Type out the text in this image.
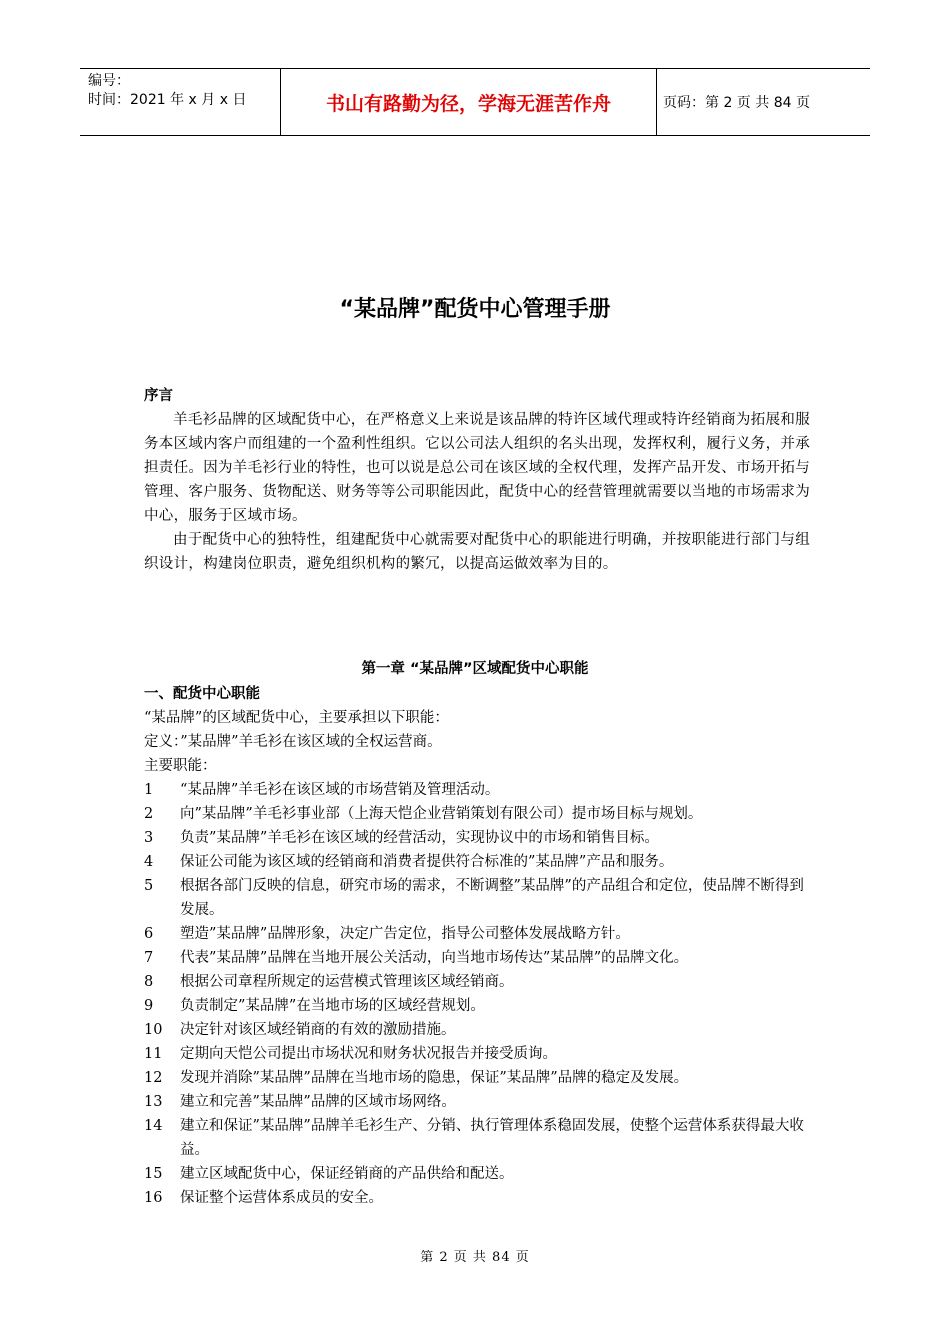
编号：
时间：2021 年 x 月 x 日	书山有路勤为径，学海无涯苦作舟	页码：第 2 页 共 84 页
“某品牌”配货中心管理手册
序言

羊毛衫品牌的区域配货中心，在严格意义上来说是该品牌的特许区域代理或特许经销商为拓展和服务本区域内客户而组建的一个盈利性组织。它以公司法人组织的名头出现，发挥权利，履行义务，并承担责任。因为羊毛衫行业的特性，也可以说是总公司在该区域的全权代理，发挥产品开发、市场开拓与管理、客户服务、货物配送、财务等等公司职能因此，配货中心的经营管理就需要以当地的市场需求为中心，服务于区域市场。

由于配货中心的独特性，组建配货中心就需要对配货中心的职能进行明确，并按职能进行部门与组织设计，构建岗位职责，避免组织机构的繁冗，以提高运做效率为目的。

第一章 “某品牌”区域配货中心职能
一、配货中心职能

“某品牌”的区域配货中心，主要承担以下职能：

定义：”某品牌”羊毛衫在该区域的全权运营商。

主要职能：

1	“某品牌”羊毛衫在该区域的市场营销及管理活动。
2	向”某品牌”羊毛衫事业部（上海天恺企业营销策划有限公司）提市场目标与规划。
3	负责”某品牌”羊毛衫在该区域的经营活动，实现协议中的市场和销售目标。
4	保证公司能为该区域的经销商和消费者提供符合标准的”某品牌”产品和服务。
5	根据各部门反映的信息，研究市场的需求，不断调整”某品牌”的产品组合和定位，使品牌不断得到发展。
6	塑造”某品牌”品牌形象，决定广告定位，指导公司整体发展战略方针。
7	代表”某品牌”品牌在当地开展公关活动，向当地市场传达”某品牌”的品牌文化。
8	根据公司章程所规定的运营模式管理该区域经销商。
9	负责制定”某品牌”在当地市场的区域经营规划。
10	决定针对该区域经销商的有效的激励措施。
11	定期向天恺公司提出市场状况和财务状况报告并接受质询。
12	发现并消除”某品牌”品牌在当地市场的隐患，保证”某品牌”品牌的稳定及发展。
13	建立和完善”某品牌”品牌的区域市场网络。
14	建立和保证”某品牌”品牌羊毛衫生产、分销、执行管理体系稳固发展，使整个运营体系获得最大收益。
15	建立区域配货中心，保证经销商的产品供给和配送。
16	保证整个运营体系成员的安全。
第 2 页 共 84 页
